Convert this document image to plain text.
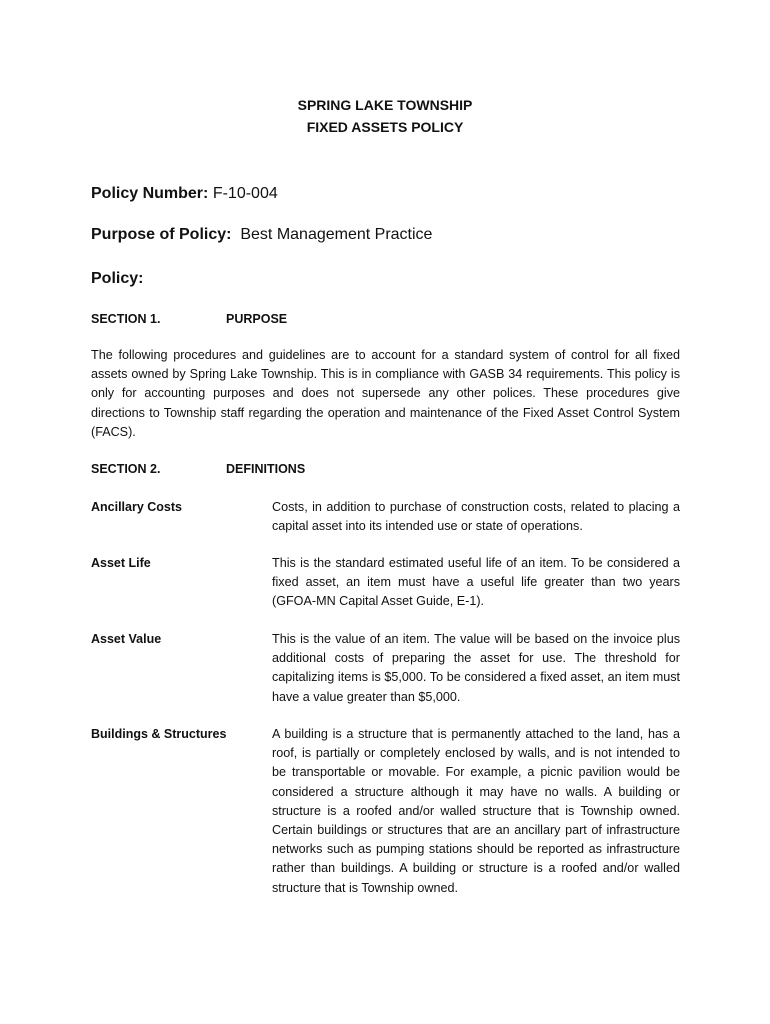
SPRING LAKE TOWNSHIP
FIXED ASSETS POLICY
Policy Number: F-10-004
Purpose of Policy: Best Management Practice
Policy:
SECTION 1.	PURPOSE
The following procedures and guidelines are to account for a standard system of control for all fixed assets owned by Spring Lake Township. This is in compliance with GASB 34 requirements. This policy is only for accounting purposes and does not supersede any other polices. These procedures give directions to Township staff regarding the operation and maintenance of the Fixed Asset Control System (FACS).
SECTION 2.	DEFINITIONS
Ancillary Costs	Costs, in addition to purchase of construction costs, related to placing a capital asset into its intended use or state of operations.
Asset Life	This is the standard estimated useful life of an item. To be considered a fixed asset, an item must have a useful life greater than two years (GFOA-MN Capital Asset Guide, E-1).
Asset Value	This is the value of an item. The value will be based on the invoice plus additional costs of preparing the asset for use. The threshold for capitalizing items is $5,000. To be considered a fixed asset, an item must have a value greater than $5,000.
Buildings & Structures	A building is a structure that is permanently attached to the land, has a roof, is partially or completely enclosed by walls, and is not intended to be transportable or movable. For example, a picnic pavilion would be considered a structure although it may have no walls. A building or structure is a roofed and/or walled structure that is Township owned. Certain buildings or structures that are an ancillary part of infrastructure networks such as pumping stations should be reported as infrastructure rather than buildings. A building or structure is a roofed and/or walled structure that is Township owned.
